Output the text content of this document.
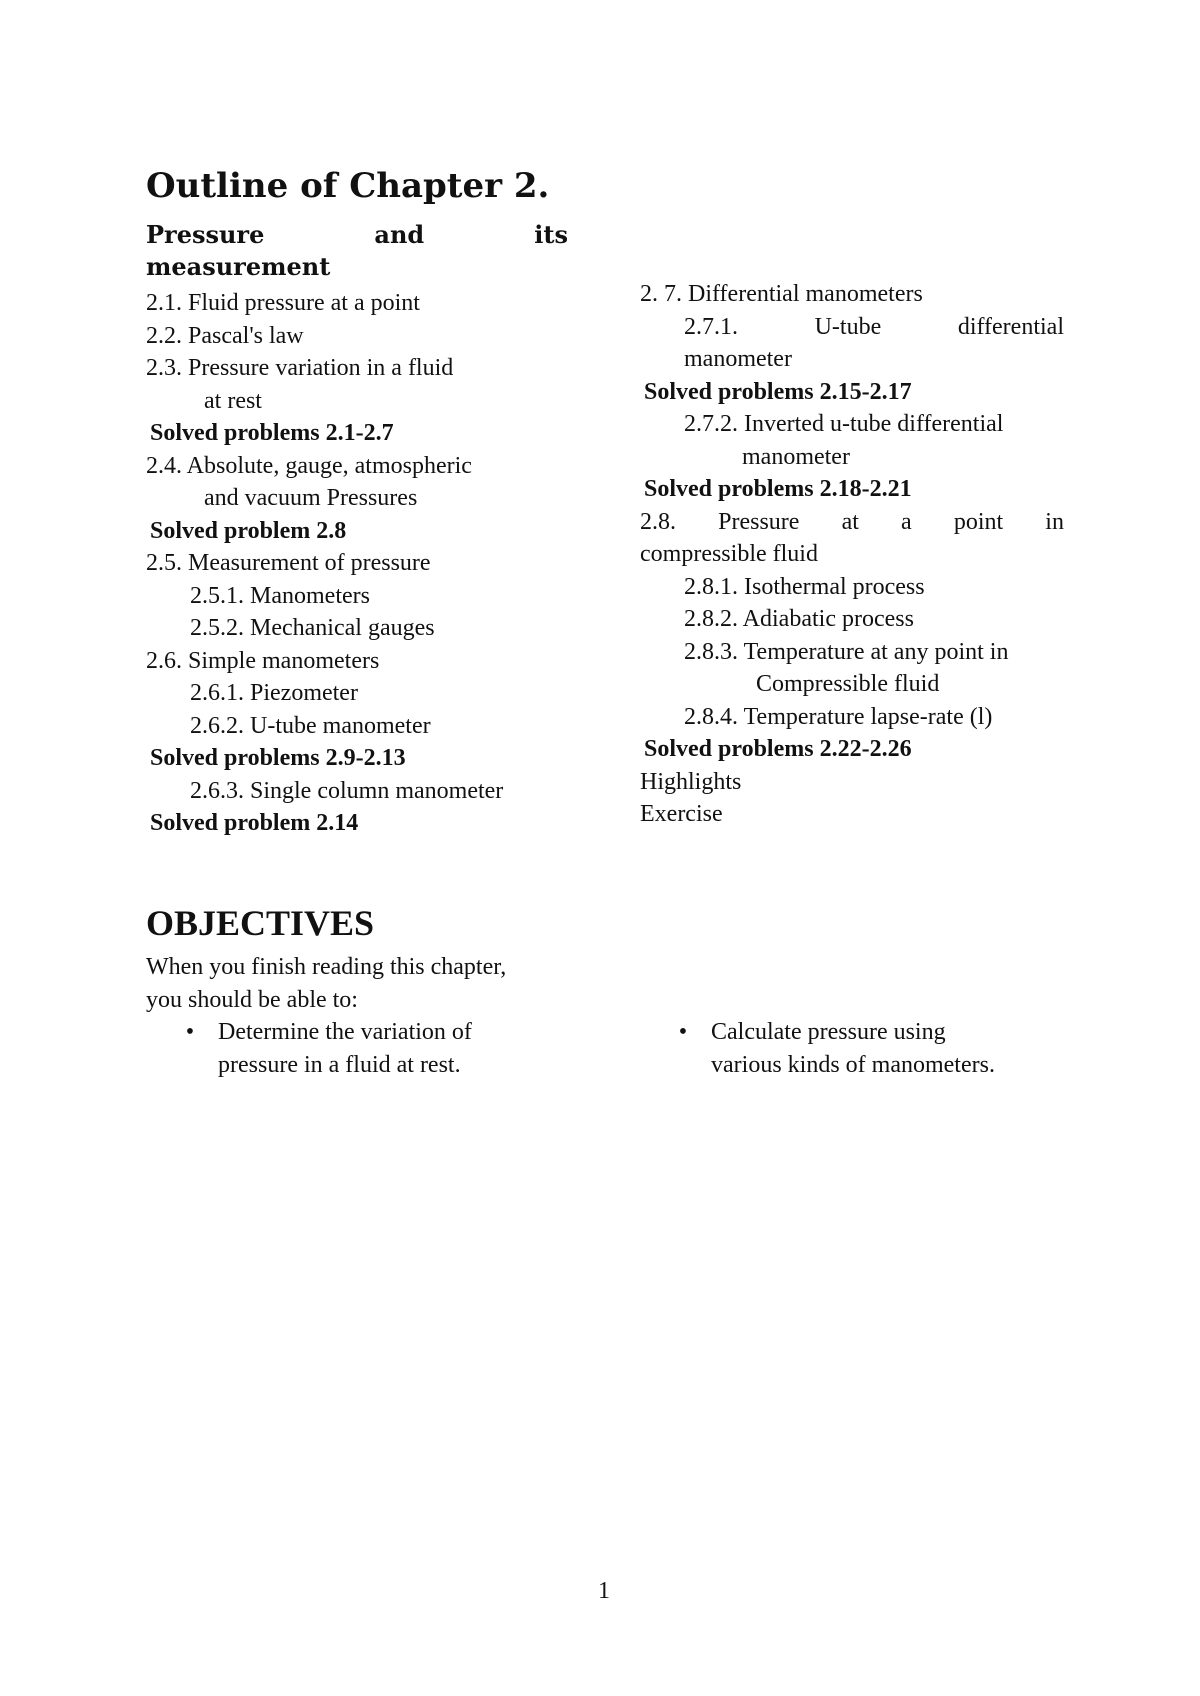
Outline of Chapter 2.
Pressure	and	its
measurement
2.1. Fluid pressure at a point
2.2. Pascal's law
2.3. Pressure variation in a fluid
at rest
Solved problems 2.1-2.7
2.4. Absolute, gauge, atmospheric
and vacuum Pressures
Solved problem 2.8
2.5. Measurement of pressure
2.5.1. Manometers
2.5.2. Mechanical gauges
2.6. Simple manometers
2.6.1. Piezometer
2.6.2. U-tube manometer
Solved problems 2.9-2.13
2.6.3. Single column manometer
Solved problem 2.14
2. 7. Differential manometers
2.7.1.	U-tube	differential
manometer
Solved problems 2.15-2.17
2.7.2. Inverted u-tube differential
manometer
Solved problems 2.18-2.21
2.8. Pressure at a point in
compressible fluid
2.8.1. Isothermal process
2.8.2. Adiabatic process
2.8.3. Temperature at any point in
Compressible fluid
2.8.4. Temperature lapse-rate (l)
Solved problems 2.22-2.26
Highlights
Exercise
OBJECTIVES
When you finish reading this chapter,
you should be able to:
• Determine the variation of
pressure in a fluid at rest.
• Calculate pressure using
various kinds of manometers.
1
